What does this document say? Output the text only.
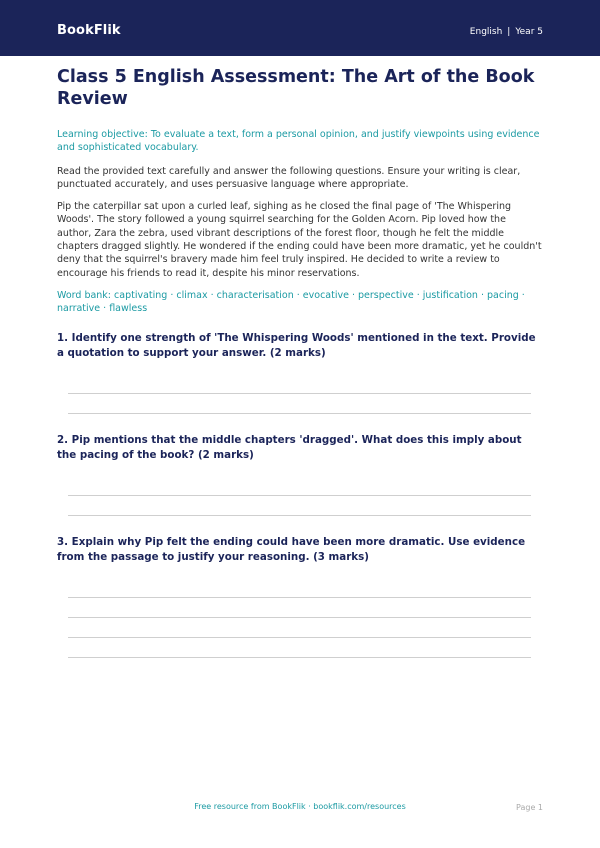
BookFlik	English | Year 5
Class 5 English Assessment: The Art of the Book Review
Learning objective: To evaluate a text, form a personal opinion, and justify viewpoints using evidence and sophisticated vocabulary.
Read the provided text carefully and answer the following questions. Ensure your writing is clear, punctuated accurately, and uses persuasive language where appropriate.
Pip the caterpillar sat upon a curled leaf, sighing as he closed the final page of 'The Whispering Woods'. The story followed a young squirrel searching for the Golden Acorn. Pip loved how the author, Zara the zebra, used vibrant descriptions of the forest floor, though he felt the middle chapters dragged slightly. He wondered if the ending could have been more dramatic, yet he couldn't deny that the squirrel's bravery made him feel truly inspired. He decided to write a review to encourage his friends to read it, despite his minor reservations.
Word bank: captivating · climax · characterisation · evocative · perspective · justification · pacing · narrative · flawless
1. Identify one strength of 'The Whispering Woods' mentioned in the text. Provide a quotation to support your answer. (2 marks)
2. Pip mentions that the middle chapters 'dragged'. What does this imply about the pacing of the book? (2 marks)
3. Explain why Pip felt the ending could have been more dramatic. Use evidence from the passage to justify your reasoning. (3 marks)
Free resource from BookFlik · bookflik.com/resources	Page 1
